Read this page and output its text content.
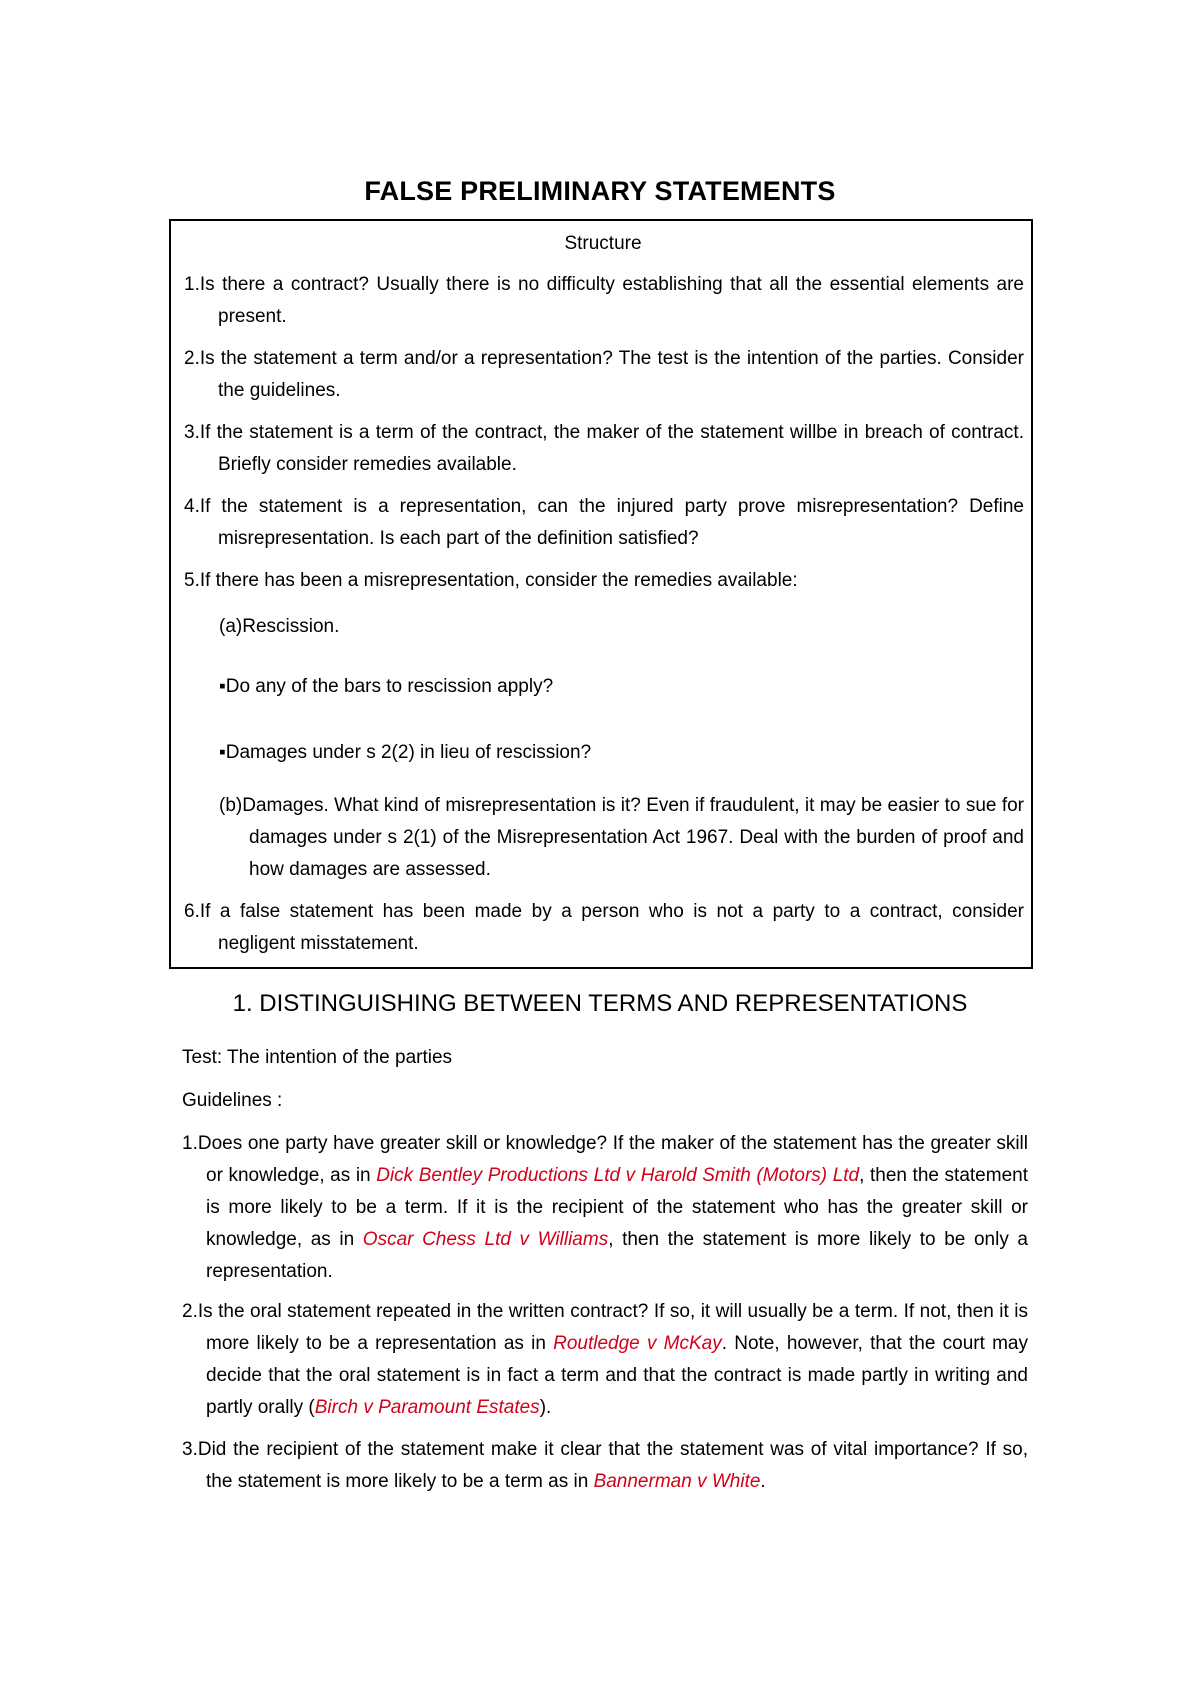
FALSE PRELIMINARY STATEMENTS
Structure

1.Is there a contract? Usually there is no difficulty establishing that all the essential elements are present.

2.Is the statement a term and/or a representation? The test is the intention of the parties. Consider the guidelines.

3.If the statement is a term of the contract, the maker of the statement willbe in breach of contract. Briefly consider remedies available.

4.If the statement is a representation, can the injured party prove misrepresentation? Define misrepresentation. Is each part of the definition satisfied?

5.If there has been a misrepresentation, consider the remedies available:

(a)Rescission.

▪Do any of the bars to rescission apply?

▪Damages under s 2(2) in lieu of rescission?

(b)Damages. What kind of misrepresentation is it? Even if fraudulent, it may be easier to sue for damages under s 2(1) of the Misrepresentation Act 1967. Deal with the burden of proof and how damages are assessed.

6.If a false statement has been made by a person who is not a party to a contract, consider negligent misstatement.

1. DISTINGUISHING BETWEEN TERMS AND REPRESENTATIONS

Test: The intention of the parties

Guidelines :

1.Does one party have greater skill or knowledge? If the maker of the statement has the greater skill or knowledge, as in Dick Bentley Productions Ltd v Harold Smith (Motors) Ltd, then the statement is more likely to be a term. If it is the recipient of the statement who has the greater skill or knowledge, as in Oscar Chess Ltd v Williams, then the statement is more likely to be only a representation.

2.Is the oral statement repeated in the written contract? If so, it will usually be a term. If not, then it is more likely to be a representation as in Routledge v McKay. Note, however, that the court may decide that the oral statement is in fact a term and that the contract is made partly in writing and partly orally (Birch v Paramount Estates).

3.Did the recipient of the statement make it clear that the statement was of vital importance? If so, the statement is more likely to be a term as in Bannerman v White.
